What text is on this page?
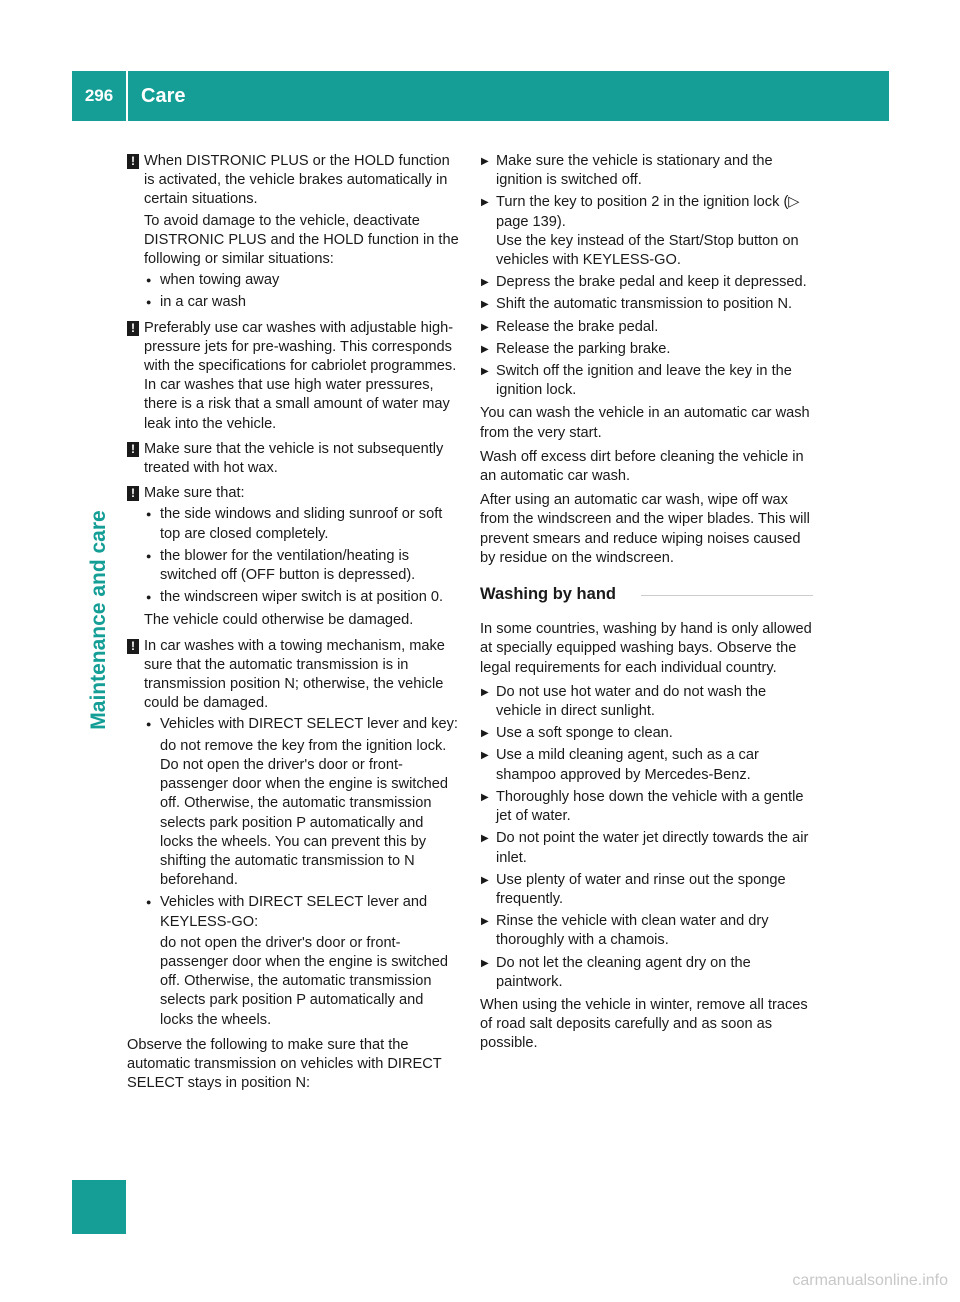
296	Care
Maintenance and care
! When DISTRONIC PLUS or the HOLD function is activated, the vehicle brakes automatically in certain situations.

To avoid damage to the vehicle, deactivate DISTRONIC PLUS and the HOLD function in the following or similar situations:

● when towing away
● in a car wash
! Preferably use car washes with adjustable high-pressure jets for pre-washing. This corresponds with the specifications for cabriolet programmes. In car washes that use high water pressures, there is a risk that a small amount of water may leak into the vehicle.

! Make sure that the vehicle is not subsequently treated with hot wax.

! Make sure that:

● the side windows and sliding sunroof or soft top are closed completely.
● the blower for the ventilation/heating is switched off (OFF button is depressed).
● the windscreen wiper switch is at position 0.

The vehicle could otherwise be damaged.

! In car washes with a towing mechanism, make sure that the automatic transmission is in transmission position N; otherwise, the vehicle could be damaged.

● Vehicles with DIRECT SELECT lever and key:

do not remove the key from the ignition lock. Do not open the driver's door or front-passenger door when the engine is switched off. Otherwise, the automatic transmission selects park position P automatically and locks the wheels. You can prevent this by shifting the automatic transmission to N beforehand.

● Vehicles with DIRECT SELECT lever and KEYLESS-GO:

do not open the driver's door or front-passenger door when the engine is switched off. Otherwise, the automatic transmission selects park position P automatically and locks the wheels.

Observe the following to make sure that the automatic transmission on vehicles with DIRECT SELECT stays in position N:

▶ Make sure the vehicle is stationary and the ignition is switched off.
▶ Turn the key to position 2 in the ignition lock (▷ page 139).
Use the key instead of the Start/Stop button on vehicles with KEYLESS-GO.
▶ Depress the brake pedal and keep it depressed.
▶ Shift the automatic transmission to position N.
▶ Release the brake pedal.
▶ Release the parking brake.
▶ Switch off the ignition and leave the key in the ignition lock.

You can wash the vehicle in an automatic car wash from the very start.

Wash off excess dirt before cleaning the vehicle in an automatic car wash.

After using an automatic car wash, wipe off wax from the windscreen and the wiper blades. This will prevent smears and reduce wiping noises caused by residue on the windscreen.

Washing by hand

In some countries, washing by hand is only allowed at specially equipped washing bays. Observe the legal requirements for each individual country.

▶ Do not use hot water and do not wash the vehicle in direct sunlight.
▶ Use a soft sponge to clean.
▶ Use a mild cleaning agent, such as a car shampoo approved by Mercedes-Benz.
▶ Thoroughly hose down the vehicle with a gentle jet of water.
▶ Do not point the water jet directly towards the air inlet.
▶ Use plenty of water and rinse out the sponge frequently.
▶ Rinse the vehicle with clean water and dry thoroughly with a chamois.
▶ Do not let the cleaning agent dry on the paintwork.

When using the vehicle in winter, remove all traces of road salt deposits carefully and as soon as possible.

carmanualsonline.info
